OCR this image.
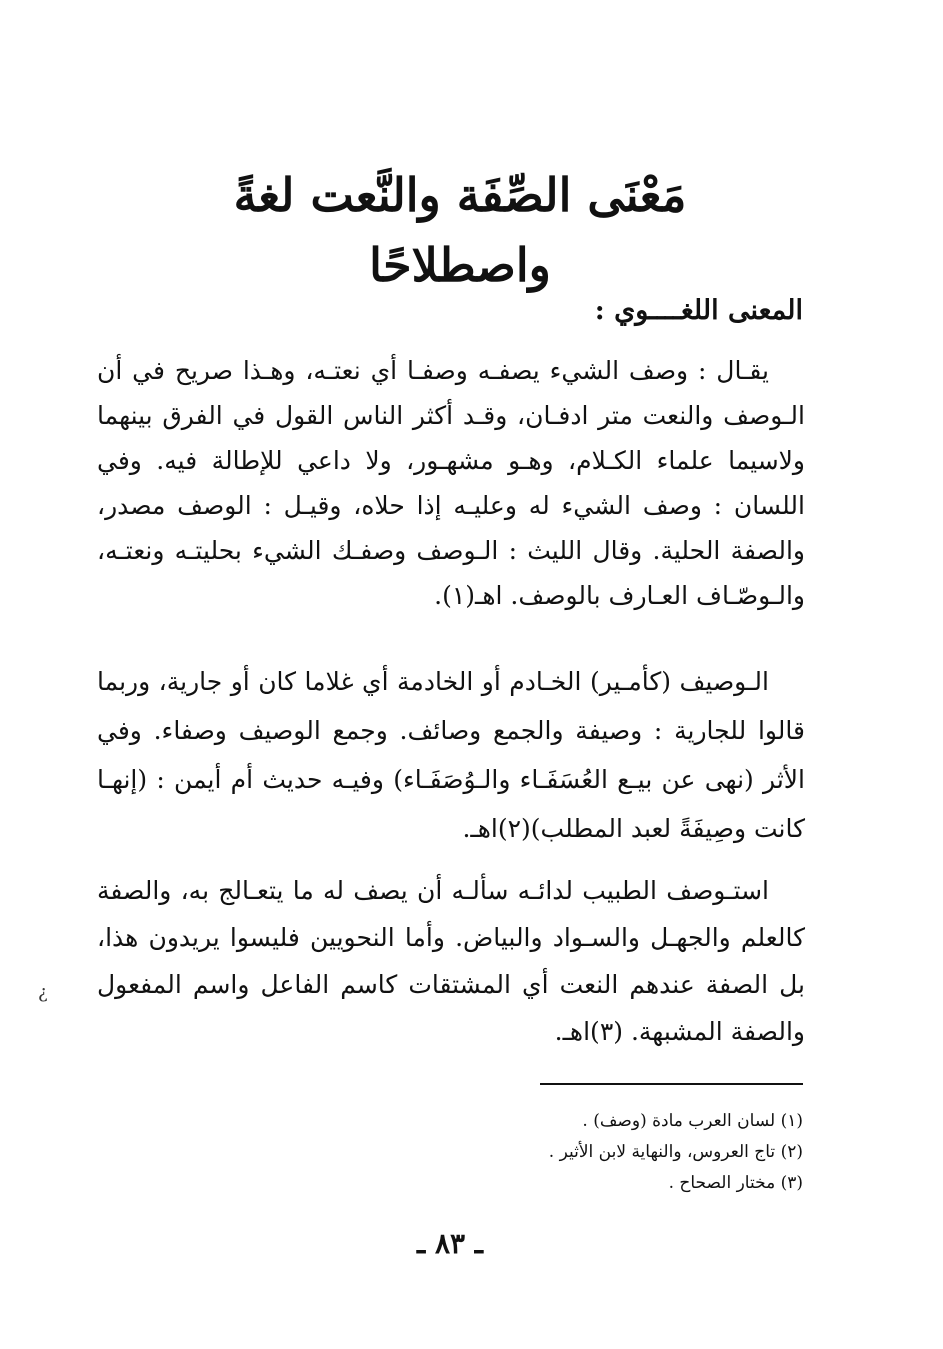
مَعْنَى الصِّفَة والنَّعت لغةً واصطلاحًا
المعنى اللغــــوي :

يقـال : وصف الشيء يصفـه وصفـا أي نعتـه، وهـذا صريح في أن الـوصف والنعت متر ادفـان، وقـد أكثر الناس القول في الفرق بينهما ولاسيما علماء الكـلام، وهـو مشهـور، ولا داعي للإطالة فيه. وفي اللسان : وصف الشيء له وعليـه إذا حلاه، وقيـل : الوصف مصدر، والصفة الحلية. وقال الليث : الـوصف وصفـك الشيء بحليتـه ونعتـه، والـوصّـاف العـارف بالوصف. اهـ(١).

الـوصيف (كأمـير) الخـادم أو الخادمة أي غلاما كان أو جارية، وربما قالوا للجارية : وصيفة والجمع وصائف. وجمع الوصيف وصفاء. وفي الأثر (نهى عن بيـع العُسَفَـاء والـوُصَفَـاء) وفيـه حديث أم أيمن : (إنهـا كانت وصِيفَةً لعبد المطلب)(٢)اهـ.

استـوصف الطبيب لدائـه سألـه أن يصف له ما يتعـالج به، والصفة كالعلم والجهـل والسـواد والبياض. وأما النحويين فليسوا يريدون هذا، بل الصفة عندهم النعت أي المشتقات كاسم الفاعل واسم المفعول والصفة المشبهة. (٣)اهـ.

(١) لسان العرب مادة (وصف) .
(٢) تاج العروس، والنهاية لابن الأثير .
(٣) مختار الصحاح .
ـ ٨٣ ـ
¿
